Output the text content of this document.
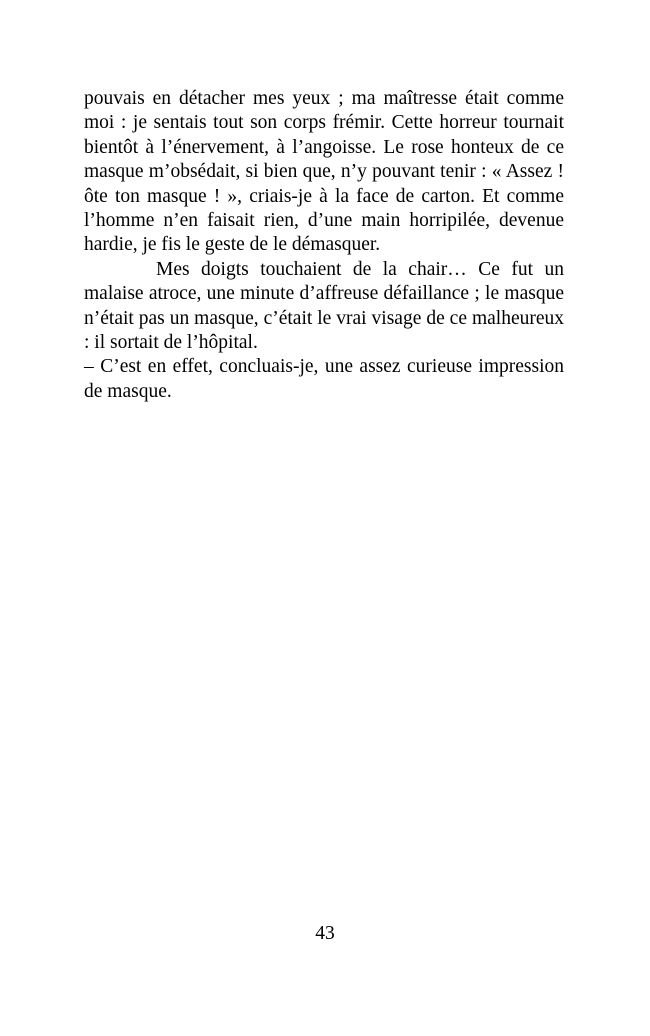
pouvais en détacher mes yeux ; ma maîtresse était comme moi : je sentais tout son corps frémir. Cette horreur tournait bientôt à l’énervement, à l’angoisse. Le rose honteux de ce masque m’obsédait, si bien que, n’y pouvant tenir : « Assez ! ôte ton masque ! », criais-je à la face de carton. Et comme l’homme n’en faisait rien, d’une main horripilée, devenue hardie, je fis le geste de le démasquer.

Mes doigts touchaient de la chair… Ce fut un malaise atroce, une minute d’affreuse défaillance ; le masque n’était pas un masque, c’était le vrai visage de ce malheureux : il sortait de l’hôpital.

– C’est en effet, concluais-je, une assez curieuse impression de masque.

43
